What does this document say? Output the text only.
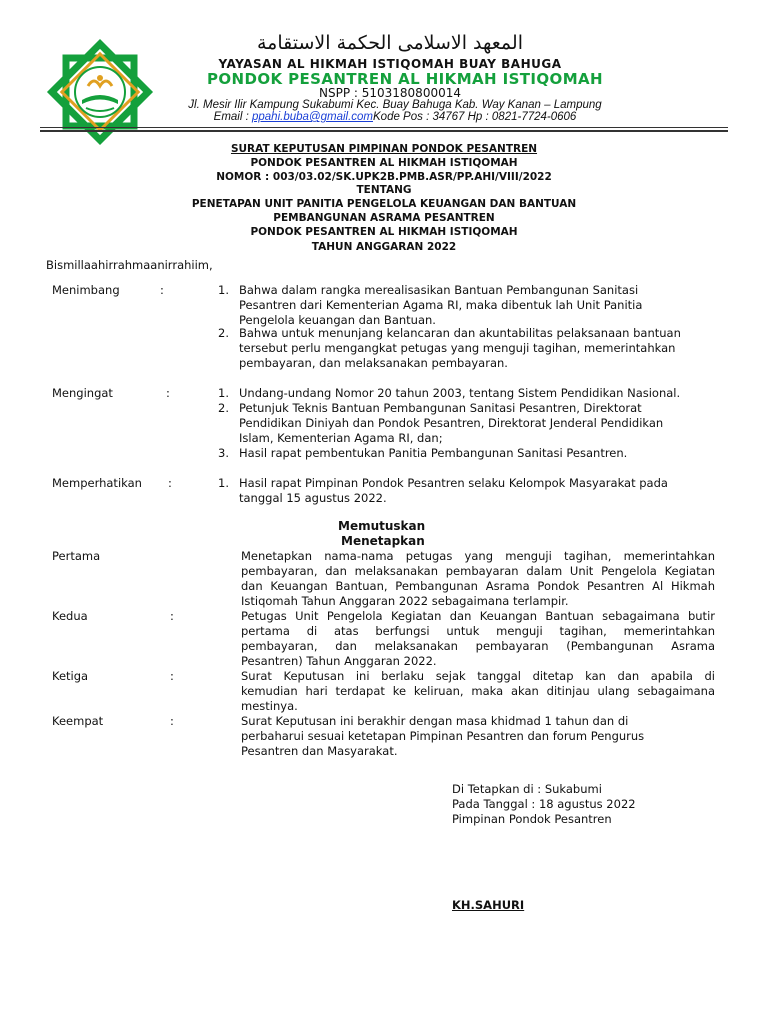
المعهد الاسلامى الحكمة الاستقامة
YAYASAN AL HIKMAH ISTIQOMAH BUAY BAHUGA
PONDOK PESANTREN AL HIKMAH ISTIQOMAH
NSPP : 5103180800014
Jl. Mesir Ilir Kampung Sukabumi Kec. Buay Bahuga Kab. Way Kanan – Lampung
Email : ppahi.buba@gmail.comKode Pos : 34767 Hp : 0821-7724-0606
SURAT KEPUTUSAN PIMPINAN PONDOK PESANTREN
PONDOK PESANTREN AL HIKMAH ISTIQOMAH
NOMOR : 003/03.02/SK.UPK2B.PMB.ASR/PP.AHI/VIII/2022
TENTANG
PENETAPAN UNIT PANITIA PENGELOLA KEUANGAN DAN BANTUAN
PEMBANGUNAN ASRAMA PESANTREN
PONDOK PESANTREN AL HIKMAH ISTIQOMAH
TAHUN ANGGARAN 2022
Bismillaahirrahmaanirrahiim,
Menimbang	:	1. Bahwa dalam rangka merealisasikan Bantuan Pembangunan Sanitasi
Pesantren dari Kementerian Agama RI, maka dibentuk lah Unit Panitia
Pengelola keuangan dan Bantuan.
2. Bahwa untuk menunjang kelancaran dan akuntabilitas pelaksanaan bantuan
tersebut perlu mengangkat petugas yang menguji tagihan, memerintahkan
pembayaran, dan melaksanakan pembayaran.
Mengingat	:	1. Undang-undang Nomor 20 tahun 2003, tentang Sistem Pendidikan Nasional.
2. Petunjuk Teknis Bantuan Pembangunan Sanitasi Pesantren, Direktorat
Pendidikan Diniyah dan Pondok Pesantren, Direktorat Jenderal Pendidikan
Islam, Kementerian Agama RI, dan;
3. Hasil rapat pembentukan Panitia Pembangunan Sanitasi Pesantren.
Memperhatikan :	1. Hasil rapat Pimpinan Pondok Pesantren selaku Kelompok Masyarakat pada
tanggal 15 agustus 2022.
Memutuskan
Menetapkan
Pertama	Menetapkan nama-nama petugas yang menguji tagihan, memerintahkan
pembayaran, dan melaksanakan pembayaran dalam Unit Pengelola Kegiatan
dan Keuangan Bantuan, Pembangunan Asrama Pondok Pesantren Al Hikmah
Istiqomah Tahun Anggaran 2022 sebagaimana terlampir.
Kedua	:	Petugas Unit Pengelola Kegiatan dan Keuangan Bantuan sebagaimana butir
pertama di atas berfungsi untuk menguji tagihan, memerintahkan
pembayaran, dan melaksanakan pembayaran (Pembangunan Asrama
Pesantren) Tahun Anggaran 2022.
Ketiga	:	Surat Keputusan ini berlaku sejak tanggal ditetap kan dan apabila di
kemudian hari terdapat ke keliruan, maka akan ditinjau ulang sebagaimana
mestinya.
Keempat	:	Surat Keputusan ini berakhir dengan masa khidmad 1 tahun dan di
perbaharui sesuai ketetapan Pimpinan Pesantren dan forum Pengurus
Pesantren dan Masyarakat.
Di Tetapkan di : Sukabumi
Pada Tanggal : 18 agustus 2022
Pimpinan Pondok Pesantren
KH.SAHURI
